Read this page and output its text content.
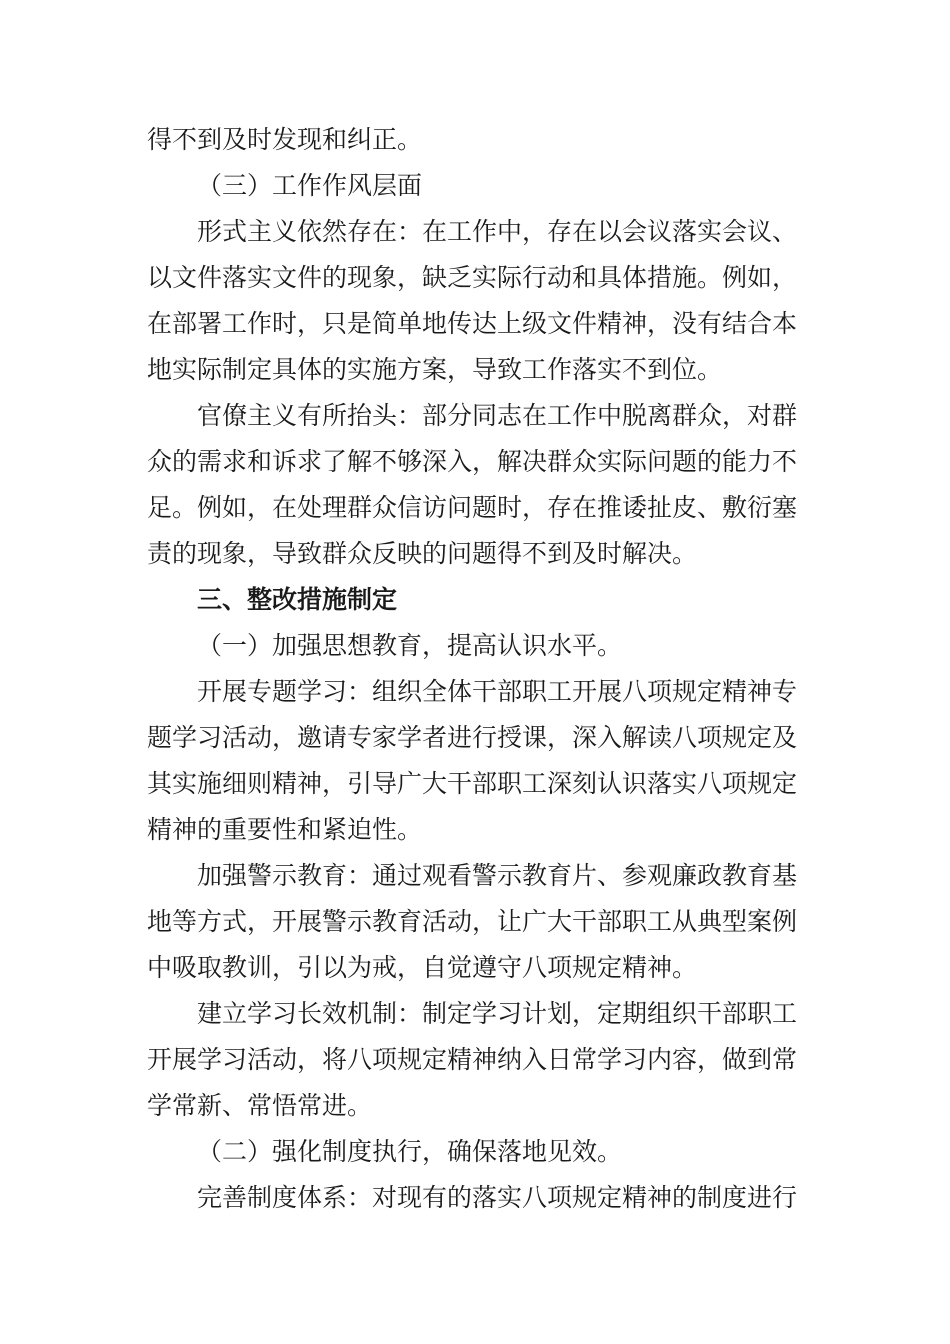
得不到及时发现和纠正。

（三）工作作风层面

形式主义依然存在：在工作中，存在以会议落实会议、

以文件落实文件的现象，缺乏实际行动和具体措施。例如，

在部署工作时，只是简单地传达上级文件精神，没有结合本

地实际制定具体的实施方案，导致工作落实不到位。

官僚主义有所抬头：部分同志在工作中脱离群众，对群

众的需求和诉求了解不够深入，解决群众实际问题的能力不

足。例如，在处理群众信访问题时，存在推诿扯皮、敷衍塞

责的现象，导致群众反映的问题得不到及时解决。

三、整改措施制定

（一）加强思想教育，提高认识水平。

开展专题学习：组织全体干部职工开展八项规定精神专

题学习活动，邀请专家学者进行授课，深入解读八项规定及

其实施细则精神，引导广大干部职工深刻认识落实八项规定

精神的重要性和紧迫性。

加强警示教育：通过观看警示教育片、参观廉政教育基

地等方式，开展警示教育活动，让广大干部职工从典型案例

中吸取教训，引以为戒，自觉遵守八项规定精神。

建立学习长效机制：制定学习计划，定期组织干部职工

开展学习活动，将八项规定精神纳入日常学习内容，做到常

学常新、常悟常进。

（二）强化制度执行，确保落地见效。

完善制度体系：对现有的落实八项规定精神的制度进行
